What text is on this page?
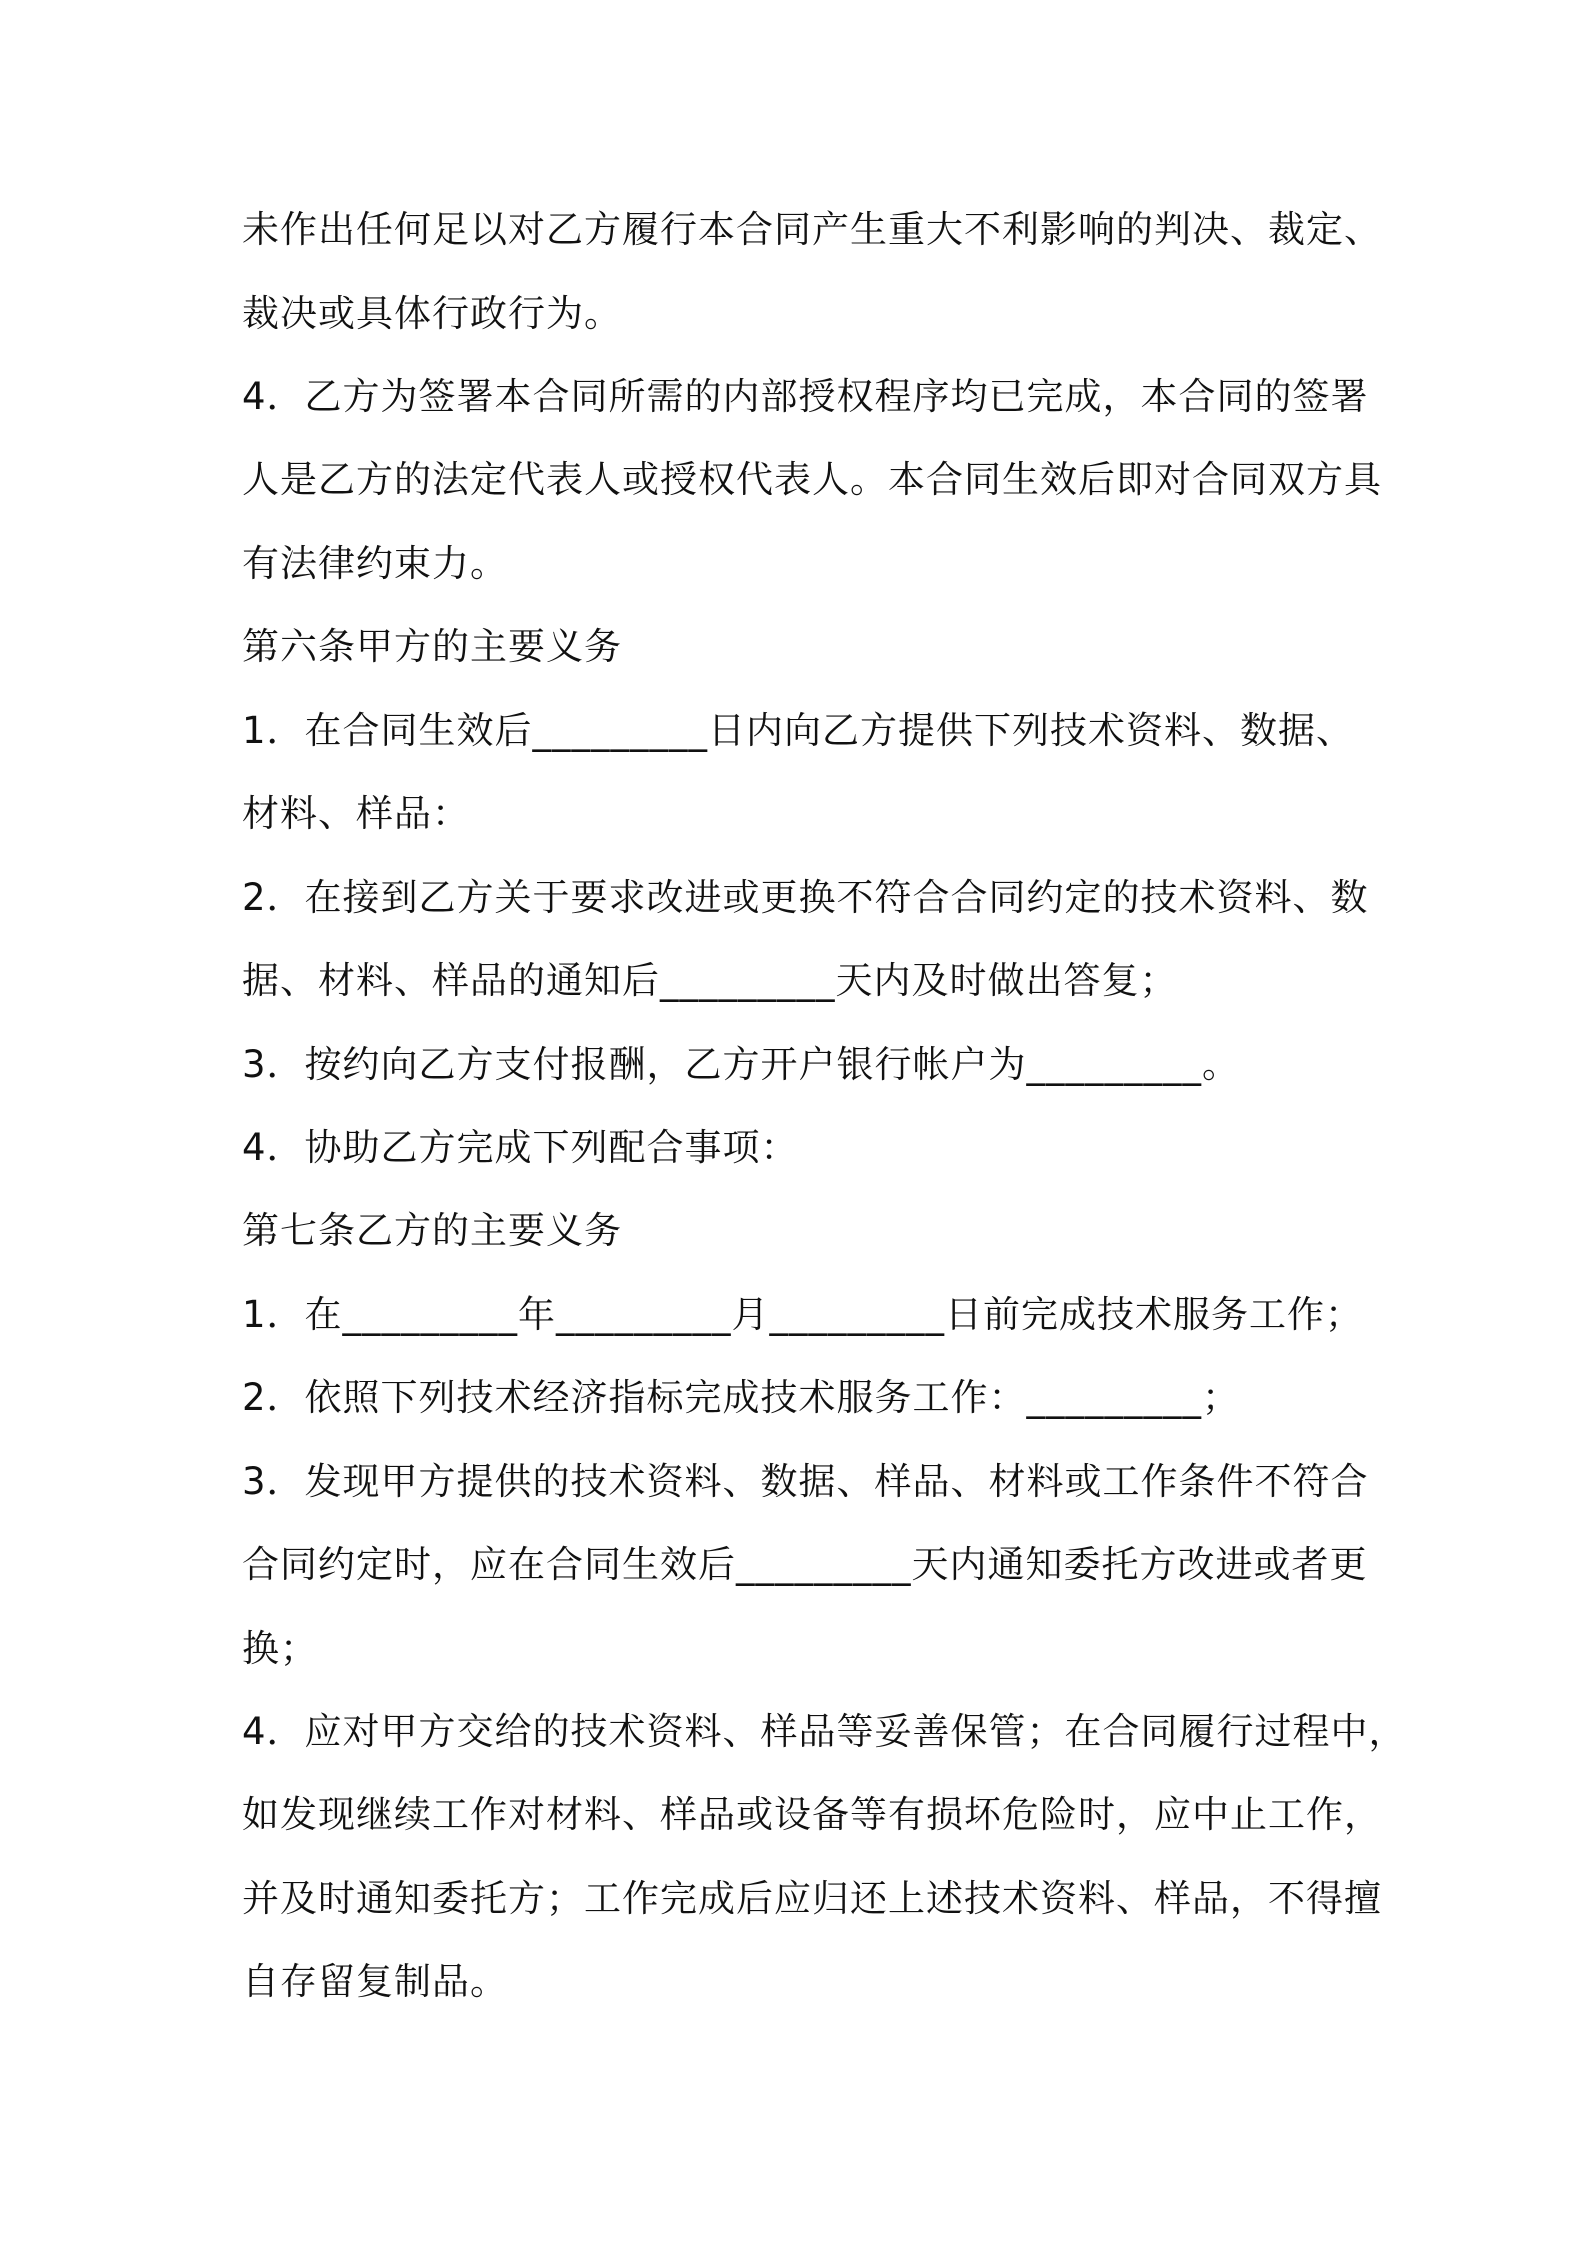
未作出任何足以对乙方履行本合同产生重大不利影响的判决、裁定、
裁决或具体行政行为。
4．乙方为签署本合同所需的内部授权程序均已完成，本合同的签署
人是乙方的法定代表人或授权代表人。本合同生效后即对合同双方具
有法律约束力。
第六条甲方的主要义务
1．在合同生效后_________日内向乙方提供下列技术资料、数据、
材料、样品：
2．在接到乙方关于要求改进或更换不符合合同约定的技术资料、数
据、材料、样品的通知后_________天内及时做出答复；
3．按约向乙方支付报酬，乙方开户银行帐户为_________。
4．协助乙方完成下列配合事项：
第七条乙方的主要义务
1．在_________年_________月_________日前完成技术服务工作；
2．依照下列技术经济指标完成技术服务工作：_________；
3．发现甲方提供的技术资料、数据、样品、材料或工作条件不符合
合同约定时，应在合同生效后_________天内通知委托方改进或者更
换；
4．应对甲方交给的技术资料、样品等妥善保管；在合同履行过程中，
如发现继续工作对材料、样品或设备等有损坏危险时，应中止工作，
并及时通知委托方；工作完成后应归还上述技术资料、样品，不得擅
自存留复制品。
